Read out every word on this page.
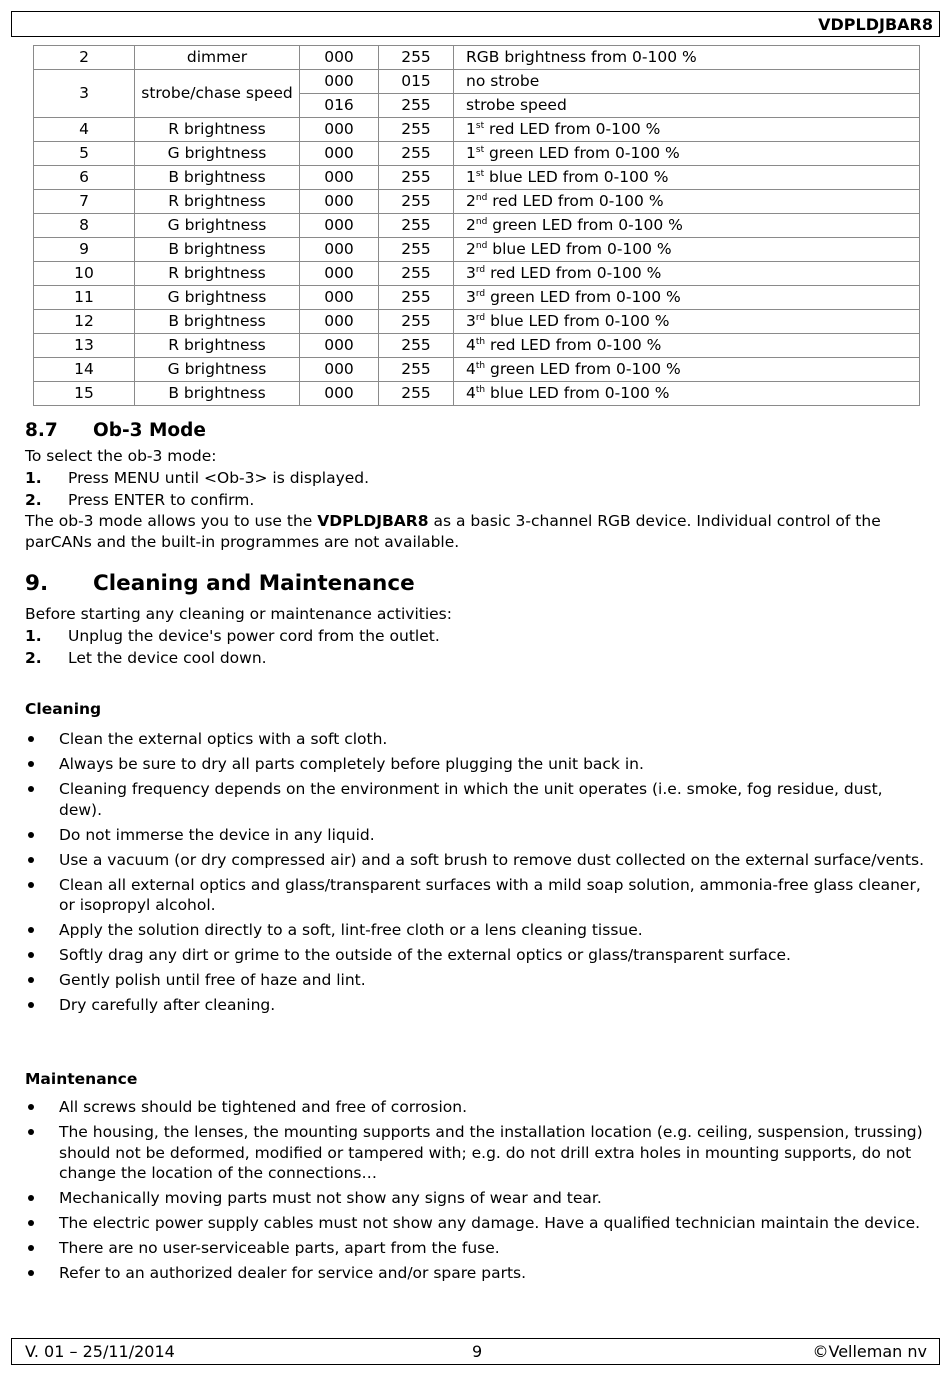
VDPLDJBAR8
2	dimmer	000	255	RGB brightness from 0-100 %
3	strobe/chase speed	000	015	no strobe
		016	255	strobe speed
4	R brightness	000	255	1st red LED from 0-100 %
5	G brightness	000	255	1st green LED from 0-100 %
6	B brightness	000	255	1st blue LED from 0-100 %
7	R brightness	000	255	2nd red LED from 0-100 %
8	G brightness	000	255	2nd green LED from 0-100 %
9	B brightness	000	255	2nd blue LED from 0-100 %
10	R brightness	000	255	3rd red LED from 0-100 %
11	G brightness	000	255	3rd green LED from 0-100 %
12	B brightness	000	255	3rd blue LED from 0-100 %
13	R brightness	000	255	4th red LED from 0-100 %
14	G brightness	000	255	4th green LED from 0-100 %
15	B brightness	000	255	4th blue LED from 0-100 %
8.7 Ob-3 Mode
To select the ob-3 mode:
1. Press MENU until <Ob-3> is displayed.
2. Press ENTER to confirm.
The ob-3 mode allows you to use the VDPLDJBAR8 as a basic 3-channel RGB device. Individual control of the parCANs and the built-in programmes are not available.
9. Cleaning and Maintenance
Before starting any cleaning or maintenance activities:
1. Unplug the device's power cord from the outlet.
2. Let the device cool down.
Cleaning
Clean the external optics with a soft cloth.
Always be sure to dry all parts completely before plugging the unit back in.
Cleaning frequency depends on the environment in which the unit operates (i.e. smoke, fog residue, dust, dew).
Do not immerse the device in any liquid.
Use a vacuum (or dry compressed air) and a soft brush to remove dust collected on the external surface/vents.
Clean all external optics and glass/transparent surfaces with a mild soap solution, ammonia-free glass cleaner, or isopropyl alcohol.
Apply the solution directly to a soft, lint-free cloth or a lens cleaning tissue.
Softly drag any dirt or grime to the outside of the external optics or glass/transparent surface.
Gently polish until free of haze and lint.
Dry carefully after cleaning.
Maintenance
All screws should be tightened and free of corrosion.
The housing, the lenses, the mounting supports and the installation location (e.g. ceiling, suspension, trussing) should not be deformed, modified or tampered with; e.g. do not drill extra holes in mounting supports, do not change the location of the connections…
Mechanically moving parts must not show any signs of wear and tear.
The electric power supply cables must not show any damage. Have a qualified technician maintain the device.
There are no user-serviceable parts, apart from the fuse.
Refer to an authorized dealer for service and/or spare parts.
V. 01 – 25/11/2014	9	©Velleman nv
